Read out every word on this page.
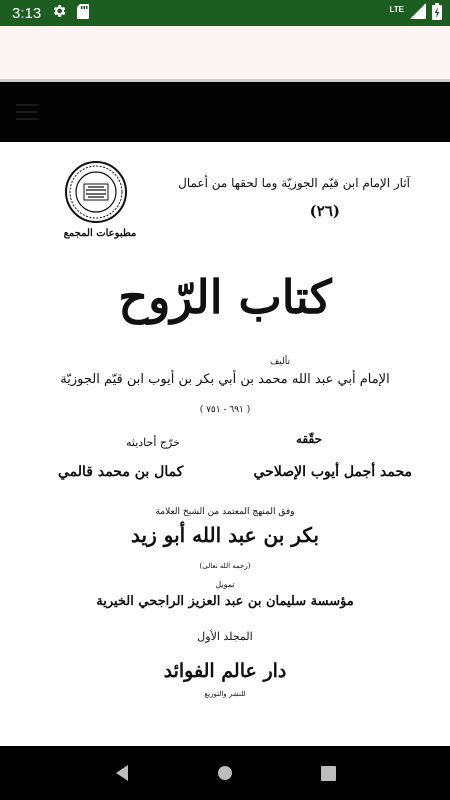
3:13	LTE
مطبوعات المجمع
آثار الإمام ابن قيّم الجوزيّة وما لحقها من أعمال
(٢٦)
كتاب الرّوح
تأليف
الإمام أبي عبد الله محمد بن أبي بكر بن أيوب ابن قيّم الجوزيّة
( ٦٩١ - ٧٥١ )
حقّقه
محمد أجمل أيوب الإصلاحي
خرّج أحاديثه
كمال بن محمد قالمي
وفق المنهج المعتمد من الشيخ العلامة
بكر بن عبد الله أبو زيد
(رحمه الله تعالى)
تمويل
مؤسسة سليمان بن عبد العزيز الراجحي الخيرية
المجلد الأول
دار عالم الفوائد
للنشر والتوزيع
